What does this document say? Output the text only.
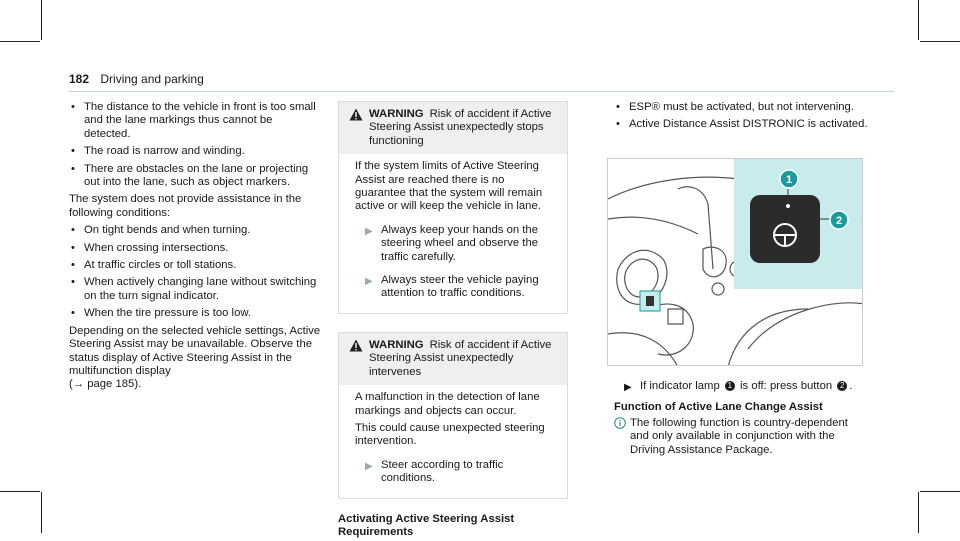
182 Driving and parking
• The distance to the vehicle in front is too small and the lane markings thus cannot be detected.
• The road is narrow and winding.
• There are obstacles on the lane or projecting out into the lane, such as object markers.

The system does not provide assistance in the following conditions:

• On tight bends and when turning.
• When crossing intersections.
• At traffic circles or toll stations.
• When actively changing lane without switching on the turn signal indicator.
• When the tire pressure is too low.

Depending on the selected vehicle settings, Active Steering Assist may be unavailable. Observe the status display of Active Steering Assist in the multifunction display
(→ page 185).

WARNING Risk of accident if Active Steering Assist unexpectedly stops functioning

If the system limits of Active Steering Assist are reached there is no guarantee that the system will remain active or will keep the vehicle in lane.

▶ Always keep your hands on the steering wheel and observe the traffic carefully.
▶ Always steer the vehicle paying attention to traffic conditions.
WARNING Risk of accident if Active Steering Assist unexpectedly intervenes

A malfunction in the detection of lane markings and objects can occur.

This could cause unexpected steering intervention.

▶ Steer according to traffic conditions.
Activating Active Steering Assist
Requirements
• ESP® must be activated, but not intervening.
• Active Distance Assist DISTRONIC is activated.
1
2
▶ If indicator lamp 1 is off: press button 2 .
Function of Active Lane Change Assist
The following function is country-dependent and only available in conjunction with the Driving Assistance Package.
